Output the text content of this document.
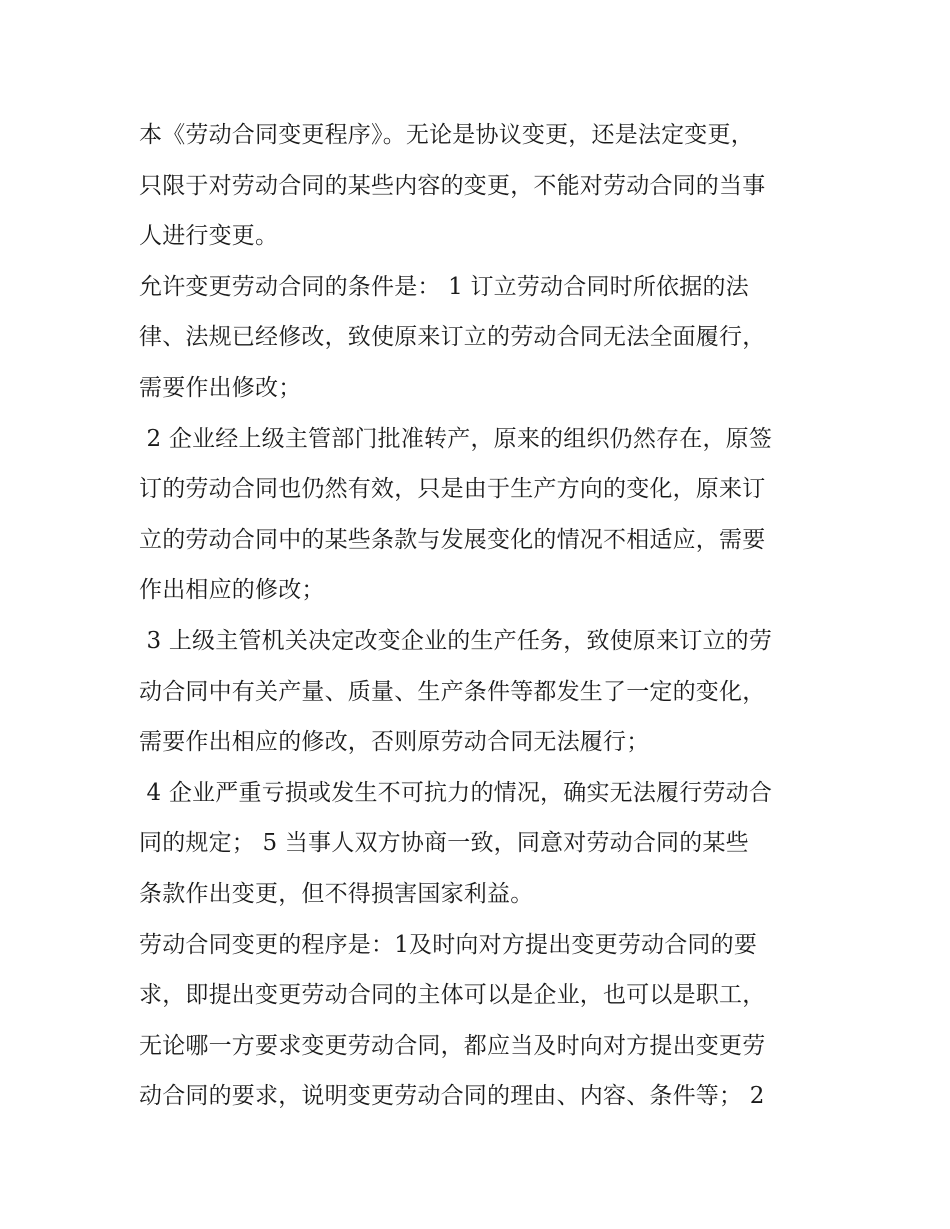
本《劳动合同变更程序》。无论是协议变更，还是法定变更，
只限于对劳动合同的某些内容的变更，不能对劳动合同的当事
人进行变更。
允许变更劳动合同的条件是： 1 订立劳动合同时所依据的法
律、法规已经修改，致使原来订立的劳动合同无法全面履行，
需要作出修改；
2 企业经上级主管部门批准转产，原来的组织仍然存在，原签
订的劳动合同也仍然有效，只是由于生产方向的变化，原来订
立的劳动合同中的某些条款与发展变化的情况不相适应，需要
作出相应的修改；
3 上级主管机关决定改变企业的生产任务，致使原来订立的劳
动合同中有关产量、质量、生产条件等都发生了一定的变化，
需要作出相应的修改，否则原劳动合同无法履行；
4 企业严重亏损或发生不可抗力的情况，确实无法履行劳动合
同的规定； 5 当事人双方协商一致，同意对劳动合同的某些
条款作出变更，但不得损害国家利益。
劳动合同变更的程序是：1及时向对方提出变更劳动合同的要
求，即提出变更劳动合同的主体可以是企业，也可以是职工，
无论哪一方要求变更劳动合同，都应当及时向对方提出变更劳
动合同的要求，说明变更劳动合同的理由、内容、条件等； 2
